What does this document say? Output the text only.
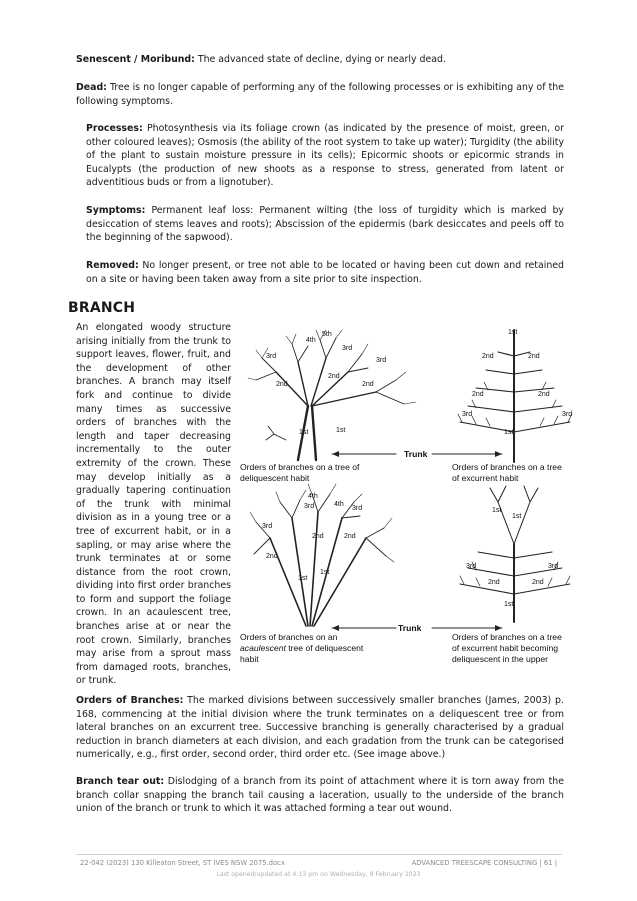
Senescent / Moribund: The advanced state of decline, dying or nearly dead.

Dead: Tree is no longer capable of performing any of the following processes or is exhibiting any of the following symptoms.

Processes: Photosynthesis via its foliage crown (as indicated by the presence of moist, green, or other coloured leaves); Osmosis (the ability of the root system to take up water); Turgidity (the ability of the plant to sustain moisture pressure in its cells); Epicormic shoots or epicormic strands in Eucalypts (the production of new shoots as a response to stress, generated from latent or adventitious buds or from a lignotuber).

Symptoms: Permanent leaf loss: Permanent wilting (the loss of turgidity which is marked by desiccation of stems leaves and roots); Abscission of the epidermis (bark desiccates and peels off to the beginning of the sapwood).

Removed: No longer present, or tree not able to be located or having been cut down and retained on a site or having been taken away from a site prior to site inspection.

BRANCH

An elongated woody structure arising initially from the trunk to support leaves, flower, fruit, and the development of other branches. A branch may itself fork and continue to divide many times as successive orders of branches with the length and taper decreasing incrementally to the outer extremity of the crown. These may develop initially as a gradually tapering continuation of the trunk with minimal division as in a young tree or a tree of excurrent habit, or in a sapling, or may arise where the trunk terminates at or some distance from the root crown, dividing into first order branches to form and support the foliage crown. In an acaulescent tree, branches arise at or near the root crown. Similarly, branches may arise from a sprout mass from damaged roots, branches, or trunk.

1st	1st
2nd
2nd
2nd
3rd
3rd
3rd
4th
5th	1st
2nd	2nd
2nd	2nd
3rd	3rd
1st
1st
1st
2nd
2nd	2nd
3rd
3rd	3rd
4th
4th
1st
1st
3rd	3rd
2nd	2nd
1st
Trunk
Trunk
Orders of branches on a tree of
deliquescent habit
Orders of branches on a tree
of excurrent habit
Orders of branches on an
acaulescent tree of deliquescent
habit
Orders of branches on a tree
of excurrent habit becoming
deliquescent in the upper

Orders of Branches: The marked divisions between successively smaller branches (James, 2003) p. 168, commencing at the initial division where the trunk terminates on a deliquescent tree or from lateral branches on an excurrent tree. Successive branching is generally characterised by a gradual reduction in branch diameters at each division, and each gradation from the trunk can be categorised numerically, e.g., first order, second order, third order etc. (See image above.)

Branch tear out: Dislodging of a branch from its point of attachment where it is torn away from the branch collar snapping the branch tail causing a laceration, usually to the underside of the branch union of the branch or trunk to which it was attached forming a tear out wound.

22-042 (2023) 130 Killeaton Street, ST IVES NSW 2075.docx	ADVANCED TREESCAPE CONSULTING | 61 |
Last opened/updated at 4:13 pm on Wednesday, 8 February 2023
